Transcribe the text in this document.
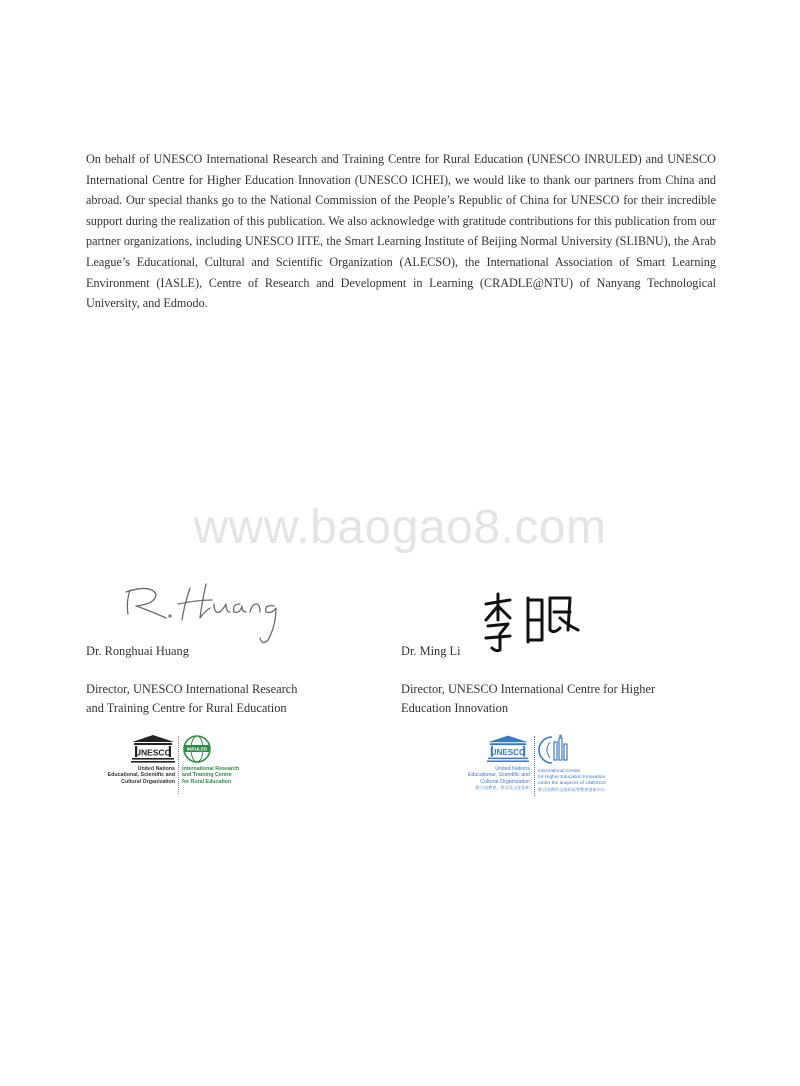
On behalf of UNESCO International Research and Training Centre for Rural Education (UNESCO INRULED) and UNESCO International Centre for Higher Education Innovation (UNESCO ICHEI), we would like to thank our partners from China and abroad. Our special thanks go to the National Commission of the People’s Republic of China for UNESCO for their incredible support during the realization of this publication. We also acknowledge with gratitude contributions for this publication from our partner organizations, including UNESCO IITE, the Smart Learning Institute of Beijing Normal University (SLIBNU), the Arab League’s Educational, Cultural and Scientific Organization (ALECSO), the International Association of Smart Learning Environment (IASLE), Centre of Research and Development in Learning (CRADLE@NTU) of Nanyang Technological University, and Edmodo.

www.baogao8.com
Dr. Ronghuai Huang	Dr. Ming Li
Director, UNESCO International Research
and Training Centre for Rural Education
Director, UNESCO International Centre for Higher
Education Innovation
UNESCO
United Nations
Educational, Scientific and
Cultural Organization
INRULED
International Research
and Training Centre
for Rural Education
UNESCO
United Nations
Educational, Scientific and
Cultural Organization
联合国教育、科学及文化组织
International Centre
for Higher Education Innovation
under the auspices of UNESCO
联合国教科文组织高等教育创新中心
